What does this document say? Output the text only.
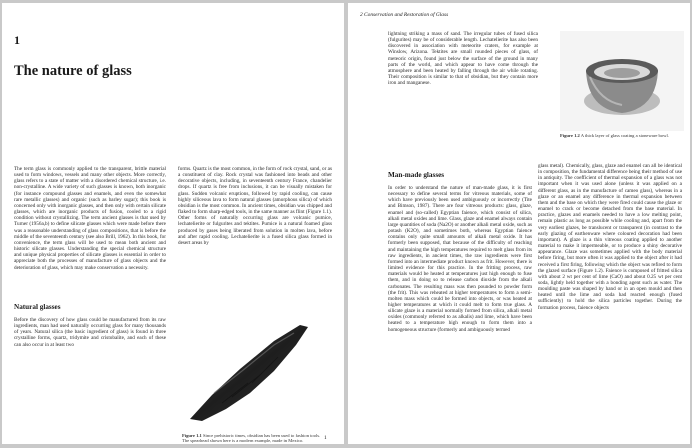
1
The nature of glass
The term glass is commonly applied to the transparent, brittle material used to form windows, vessels and many other objects. More correctly, glass refers to a state of matter with a disordered chemical structure, i.e. non-crystalline. A wide variety of such glasses is known, both inorganic (for instance compound glasses and enamels, and even the somewhat rare metallic glasses) and organic (such as barley sugar); this book is concerned only with inorganic glasses, and then only with certain silicate glasses, which are inorganic products of fusion, cooled to a rigid condition without crystallizing. The term ancient glasses is that used by Turner (1956a,b) to define silicate glasses which were made before there was a reasonable understanding of glass compositions, that is before the middle of the seventeenth century (see also Brill, 1962). In this book, for convenience, the term glass will be used to mean both ancient and historic silicate glasses. Understanding the special chemical structure and unique physical properties of silicate glasses is essential in order to appreciate both the processes of manufacture of glass objects and the deterioration of glass, which may make conservation a necessity.
Natural glasses
Before the discovery of how glass could be manufactured from its raw ingredients, man had used naturally occurring glass for many thousands of years. Natural silica (the basic ingredient of glass) is found in three crystalline forms, quartz, tridymite and cristobalite, and each of these can also occur in at least two
forms. Quartz is the most common, in the form of rock crystal, sand, or as a constituent of clay. Rock crystal was fashioned into beads and other decorative objects, including, in seventeenth century France, chandelier drops. If quartz is free from inclusions, it can be visually mistaken for glass. Sudden volcanic eruptions, followed by rapid cooling, can cause highly siliceous lava to form natural glasses (amorphous silica) of which obsidian is the most common. In ancient times, obsidian was chipped and flaked to form sharp-edged tools, in the same manner as flint (Figure 1.1). Other forms of naturally occurring glass are volcanic pumice, lechatelierite or fulgurites and tektites. Pumice is a natural foamed glass produced by gases being liberated from solution in molten lava, before and after rapid cooling. Lechatelierite is a fused silica glass formed in desert areas by
Figure 1.1 Since prehistoric times, obsidian has been used to fashion tools. The spearhead shown here is a modern example, made in Mexico.	1
2 Conservation and Restoration of Glass
lightning striking a mass of sand. The irregular tubes of fused silica (fulgurites) may be of considerable length. Lechatelierite has also been discovered in association with meteorite craters, for example at Winslow, Arizona. Tektites are small rounded pieces of glass, of meteoric origin, found just below the surface of the ground in many parts of the world, and which appear to have come through the atmosphere and been heated by falling through the air while rotating. Their composition is similar to that of obsidian, but they contain more iron and manganese.
Figure 1.2 A thick layer of glass coating a stoneware bowl.
Man-made glasses
In order to understand the nature of man-made glass, it is first necessary to define several terms for vitreous materials, some of which have previously been used ambiguously or incorrectly (Tite and Bimson, 1987). There are four vitreous products: glass, glaze, enamel and (so-called) Egyptian faience, which consist of silica, alkali metal oxides and lime. Glass, glaze and enamel always contain large quantities of soda (Na2O) or another alkali metal oxide, such as potash (K2O), and sometimes both, whereas Egyptian faience contains only quite small amounts of alkali metal oxide. It has formerly been supposed, that because of the difficulty of reaching and maintaining the high temperatures required to melt glass from its raw ingredients, in ancient times, the raw ingredients were first formed into an intermediate product known as frit. However, there is limited evidence for this practice. In the fritting process, raw materials would be heated at temperatures just high enough to fuse them, and in doing so to release carbon dioxide from the alkali carbonates. The resulting mass was then pounded to powder form (the frit). This was reheated at higher temperatures to form a semi-molten mass which could be formed into objects, or was heated at higher temperatures at which it could melt to form true glass. A silicate glaze is a material normally formed from silica, alkali metal oxides (commonly referred to as alkalis) and lime, which have been heated to a temperature high enough to form them into a homogeneous structure (formerly and ambiguously termed
glass metal). Chemically, glass, glaze and enamel can all be identical in composition, the fundamental difference being their method of use in antiquity. The coefficient of thermal expansion of a glass was not important when it was used alone (unless it was applied on a different glass, as in the manufacture of cameo glass), whereas in a glaze or an enamel any difference in thermal expansion between them and the base on which they were fired could cause the glaze or enamel to crack or become detached from the base material. In practice, glazes and enamels needed to have a low melting point, remain plastic as long as possible while cooling and, apart from the very earliest glazes, be translucent or transparent (in contrast to the early glazing of earthenware where coloured decoration had been important). A glaze is a thin vitreous coating applied to another material to make it impermeable, or to produce a shiny decorative appearance. Glaze was sometimes applied with the body material before firing, but more often it was applied to the object after it had received a first firing, following which the object was refired to form the glazed surface (Figure 1.2). Faience is composed of fritted silica with about 2 wt per cent of lime (CaO) and about 0.25 wt per cent soda, lightly held together with a bonding agent such as water. The moulding paste was shaped by hand or in an open mould and then heated until the lime and soda had reacted enough (fused sufficiently) to hold the silica particles together. During the formation process, faience objects
